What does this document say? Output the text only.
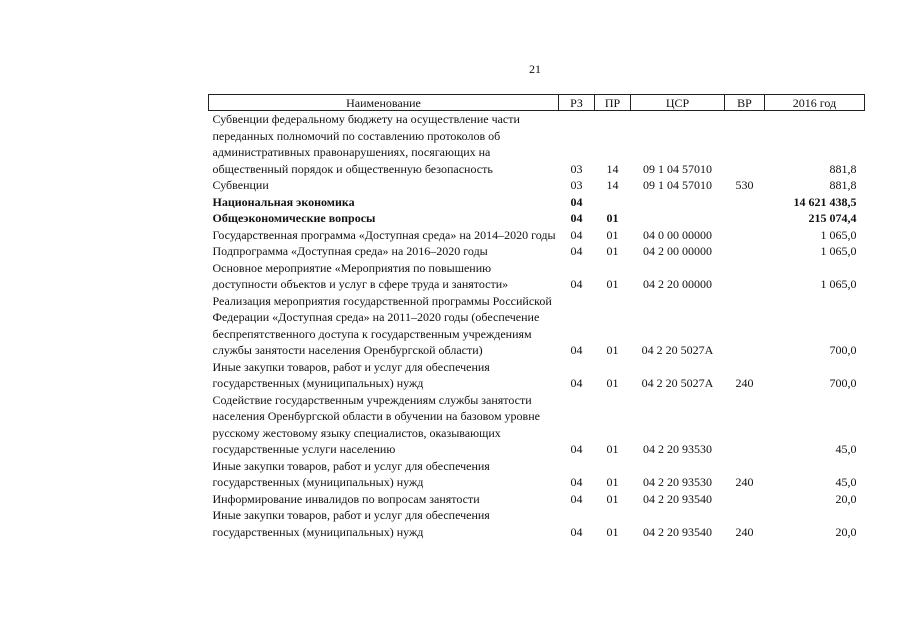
21
Наименование	РЗ	ПР	ЦСР	ВР	2016 год
Субвенции федеральному бюджету на осуществление части переданных полномочий по составлению протоколов об административных правонарушениях, посягающих на общественный порядок и общественную безопасность	03	14	09 1 04 57010		881,8
Субвенции	03	14	09 1 04 57010	530	881,8
Национальная экономика	04				14 621 438,5
Общеэкономические вопросы	04	01			215 074,4
Государственная программа «Доступная среда» на 2014–2020 годы	04	01	04 0 00 00000		1 065,0
Подпрограмма «Доступная среда» на 2016–2020 годы	04	01	04 2 00 00000		1 065,0
Основное мероприятие «Мероприятия по повышению доступности объектов и услуг в сфере труда и занятости»	04	01	04 2 20 00000		1 065,0
Реализация мероприятия государственной программы Российской Федерации «Доступная среда» на 2011–2020 годы (обеспечение беспрепятственного доступа к государственным учреждениям службы занятости населения Оренбургской области)	04	01	04 2 20 5027А		700,0
Иные закупки товаров, работ и услуг для обеспечения государственных (муниципальных) нужд	04	01	04 2 20 5027А	240	700,0
Содействие государственным учреждениям службы занятости населения Оренбургской области в обучении на базовом уровне русскому жестовому языку специалистов, оказывающих государственные услуги населению	04	01	04 2 20 93530		45,0
Иные закупки товаров, работ и услуг для обеспечения государственных (муниципальных) нужд	04	01	04 2 20 93530	240	45,0
Информирование инвалидов по вопросам занятости	04	01	04 2 20 93540		20,0
Иные закупки товаров, работ и услуг для обеспечения государственных (муниципальных) нужд	04	01	04 2 20 93540	240	20,0
